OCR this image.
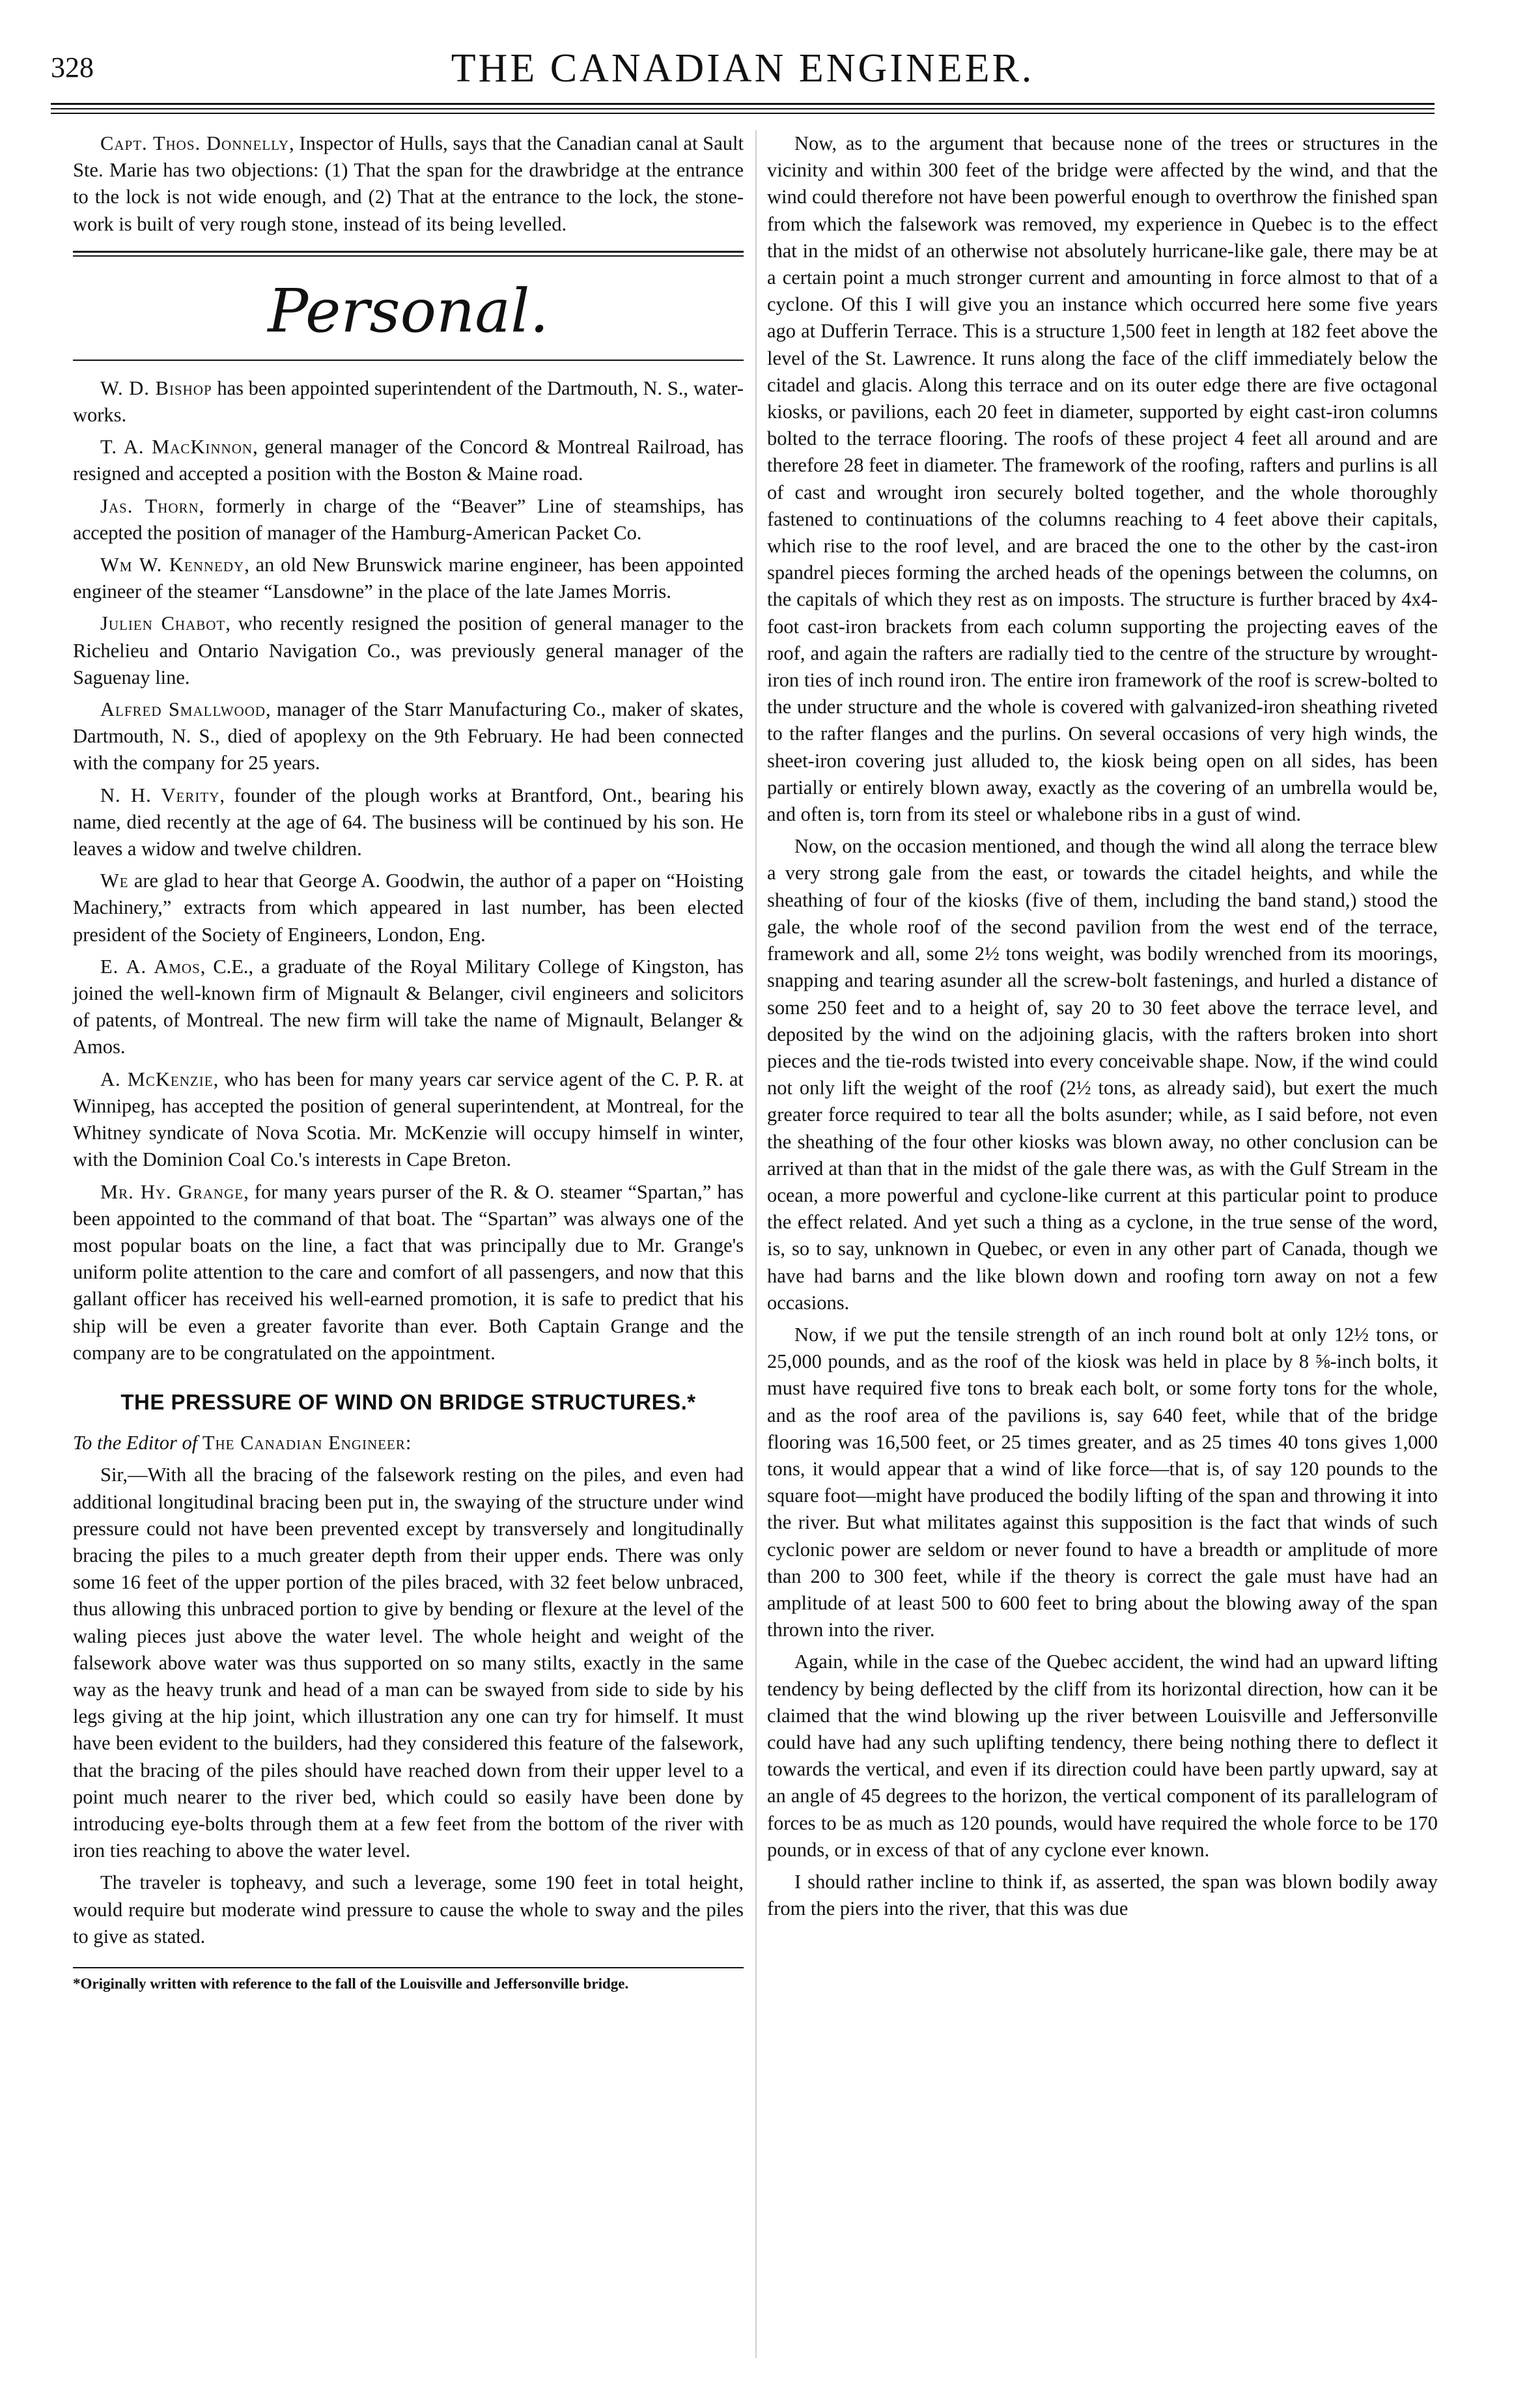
328	THE CANADIAN ENGINEER.

Capt. Thos. Donnelly, Inspector of Hulls, says that the Canadian canal at Sault Ste. Marie has two objections: (1) That the span for the drawbridge at the entrance to the lock is not wide enough, and (2) That at the entrance to the lock, the stone-work is built of very rough stone, instead of its being levelled.

Personal.

W. D. Bishop has been appointed superintendent of the Dartmouth, N. S., water-works.

T. A. MacKinnon, general manager of the Concord & Montreal Railroad, has resigned and accepted a position with the Boston & Maine road.

Jas. Thorn, formerly in charge of the “Beaver” Line of steamships, has accepted the position of manager of the Hamburg-American Packet Co.

Wm W. Kennedy, an old New Brunswick marine engineer, has been appointed engineer of the steamer “Lansdowne” in the place of the late James Morris.

Julien Chabot, who recently resigned the position of general manager to the Richelieu and Ontario Navigation Co., was previously general manager of the Saguenay line.

Alfred Smallwood, manager of the Starr Manufacturing Co., maker of skates, Dartmouth, N. S., died of apoplexy on the 9th February. He had been connected with the company for 25 years.

N. H. Verity, founder of the plough works at Brantford, Ont., bearing his name, died recently at the age of 64. The business will be continued by his son. He leaves a widow and twelve children.

We are glad to hear that George A. Goodwin, the author of a paper on “Hoisting Machinery,” extracts from which appeared in last number, has been elected president of the Society of Engineers, London, Eng.

E. A. Amos, C.E., a graduate of the Royal Military College of Kingston, has joined the well-known firm of Mignault & Belanger, civil engineers and solicitors of patents, of Montreal. The new firm will take the name of Mignault, Belanger & Amos.

A. McKenzie, who has been for many years car service agent of the C. P. R. at Winnipeg, has accepted the position of general superintendent, at Montreal, for the Whitney syndicate of Nova Scotia. Mr. McKenzie will occupy himself in winter, with the Dominion Coal Co.'s interests in Cape Breton.

Mr. Hy. Grange, for many years purser of the R. & O. steamer “Spartan,” has been appointed to the command of that boat. The “Spartan” was always one of the most popular boats on the line, a fact that was principally due to Mr. Grange's uniform polite attention to the care and comfort of all passengers, and now that this gallant officer has received his well-earned promotion, it is safe to predict that his ship will be even a greater favorite than ever. Both Captain Grange and the company are to be congratulated on the appointment.

THE PRESSURE OF WIND ON BRIDGE STRUCTURES.*

To the Editor of The Canadian Engineer:

Sir,—With all the bracing of the falsework resting on the piles, and even had additional longitudinal bracing been put in, the swaying of the structure under wind pressure could not have been prevented except by transversely and longitudinally bracing the piles to a much greater depth from their upper ends. There was only some 16 feet of the upper portion of the piles braced, with 32 feet below unbraced, thus allowing this unbraced portion to give by bending or flexure at the level of the waling pieces just above the water level. The whole height and weight of the falsework above water was thus supported on so many stilts, exactly in the same way as the heavy trunk and head of a man can be swayed from side to side by his legs giving at the hip joint, which illustration any one can try for himself. It must have been evident to the builders, had they considered this feature of the falsework, that the bracing of the piles should have reached down from their upper level to a point much nearer to the river bed, which could so easily have been done by introducing eye-bolts through them at a few feet from the bottom of the river with iron ties reaching to above the water level.

The traveler is topheavy, and such a leverage, some 190 feet in total height, would require but moderate wind pressure to cause the whole to sway and the piles to give as stated.

*Originally written with reference to the fall of the Louisville and Jeffersonville bridge.

Now, as to the argument that because none of the trees or structures in the vicinity and within 300 feet of the bridge were affected by the wind, and that the wind could therefore not have been powerful enough to overthrow the finished span from which the falsework was removed, my experience in Quebec is to the effect that in the midst of an otherwise not absolutely hurricane-like gale, there may be at a certain point a much stronger current and amounting in force almost to that of a cyclone. Of this I will give you an instance which occurred here some five years ago at Dufferin Terrace. This is a structure 1,500 feet in length at 182 feet above the level of the St. Lawrence. It runs along the face of the cliff immediately below the citadel and glacis. Along this terrace and on its outer edge there are five octagonal kiosks, or pavilions, each 20 feet in diameter, supported by eight cast-iron columns bolted to the terrace flooring. The roofs of these project 4 feet all around and are therefore 28 feet in diameter. The framework of the roofing, rafters and purlins is all of cast and wrought iron securely bolted together, and the whole thoroughly fastened to continuations of the columns reaching to 4 feet above their capitals, which rise to the roof level, and are braced the one to the other by the cast-iron spandrel pieces forming the arched heads of the openings between the columns, on the capitals of which they rest as on imposts. The structure is further braced by 4x4-foot cast-iron brackets from each column supporting the projecting eaves of the roof, and again the rafters are radially tied to the centre of the structure by wrought-iron ties of inch round iron. The entire iron framework of the roof is screw-bolted to the under structure and the whole is covered with galvanized-iron sheathing riveted to the rafter flanges and the purlins. On several occasions of very high winds, the sheet-iron covering just alluded to, the kiosk being open on all sides, has been partially or entirely blown away, exactly as the covering of an umbrella would be, and often is, torn from its steel or whalebone ribs in a gust of wind.

Now, on the occasion mentioned, and though the wind all along the terrace blew a very strong gale from the east, or towards the citadel heights, and while the sheathing of four of the kiosks (five of them, including the band stand,) stood the gale, the whole roof of the second pavilion from the west end of the terrace, framework and all, some 2½ tons weight, was bodily wrenched from its moorings, snapping and tearing asunder all the screw-bolt fastenings, and hurled a distance of some 250 feet and to a height of, say 20 to 30 feet above the terrace level, and deposited by the wind on the adjoining glacis, with the rafters broken into short pieces and the tie-rods twisted into every conceivable shape. Now, if the wind could not only lift the weight of the roof (2½ tons, as already said), but exert the much greater force required to tear all the bolts asunder; while, as I said before, not even the sheathing of the four other kiosks was blown away, no other conclusion can be arrived at than that in the midst of the gale there was, as with the Gulf Stream in the ocean, a more powerful and cyclone-like current at this particular point to produce the effect related. And yet such a thing as a cyclone, in the true sense of the word, is, so to say, unknown in Quebec, or even in any other part of Canada, though we have had barns and the like blown down and roofing torn away on not a few occasions.

Now, if we put the tensile strength of an inch round bolt at only 12½ tons, or 25,000 pounds, and as the roof of the kiosk was held in place by 8 ⅝-inch bolts, it must have required five tons to break each bolt, or some forty tons for the whole, and as the roof area of the pavilions is, say 640 feet, while that of the bridge flooring was 16,500 feet, or 25 times greater, and as 25 times 40 tons gives 1,000 tons, it would appear that a wind of like force—that is, of say 120 pounds to the square foot—might have produced the bodily lifting of the span and throwing it into the river. But what militates against this supposition is the fact that winds of such cyclonic power are seldom or never found to have a breadth or amplitude of more than 200 to 300 feet, while if the theory is correct the gale must have had an amplitude of at least 500 to 600 feet to bring about the blowing away of the span thrown into the river.

Again, while in the case of the Quebec accident, the wind had an upward lifting tendency by being deflected by the cliff from its horizontal direction, how can it be claimed that the wind blowing up the river between Louisville and Jeffersonville could have had any such uplifting tendency, there being nothing there to deflect it towards the vertical, and even if its direction could have been partly upward, say at an angle of 45 degrees to the horizon, the vertical component of its parallelogram of forces to be as much as 120 pounds, would have required the whole force to be 170 pounds, or in excess of that of any cyclone ever known.

I should rather incline to think if, as asserted, the span was blown bodily away from the piers into the river, that this was due
